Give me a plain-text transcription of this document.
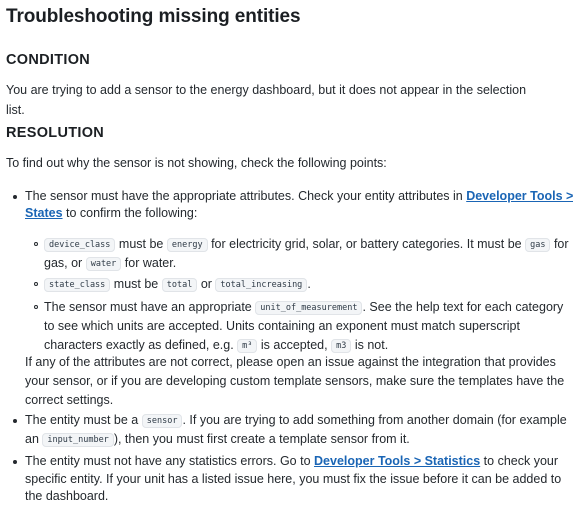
Troubleshooting missing entities
CONDITION

You are trying to add a sensor to the energy dashboard, but it does not appear in the selection list.

RESOLUTION

To find out why the sensor is not showing, check the following points:

The sensor must have the appropriate attributes. Check your entity attributes in Developer Tools >
States to confirm the following:
device_class must be energy for electricity grid, solar, or battery categories. It must be gas for
gas, or water for water.
state_class must be total or total_increasing .
The sensor must have an appropriate unit_of_measurement . See the help text for each category
to see which units are accepted. Units containing an exponent must match superscript
characters exactly as defined, e.g. m³ is accepted, m3 is not.
If any of the attributes are not correct, please open an issue against the integration that provides
your sensor, or if you are developing custom template sensors, make sure the templates have the
correct settings.
The entity must be a sensor . If you are trying to add something from another domain (for example
an input_number ), then you must first create a template sensor from it.
The entity must not have any statistics errors. Go to Developer Tools > Statistics to check your
specific entity. If your unit has a listed issue here, you must fix the issue before it can be added to
the dashboard.
